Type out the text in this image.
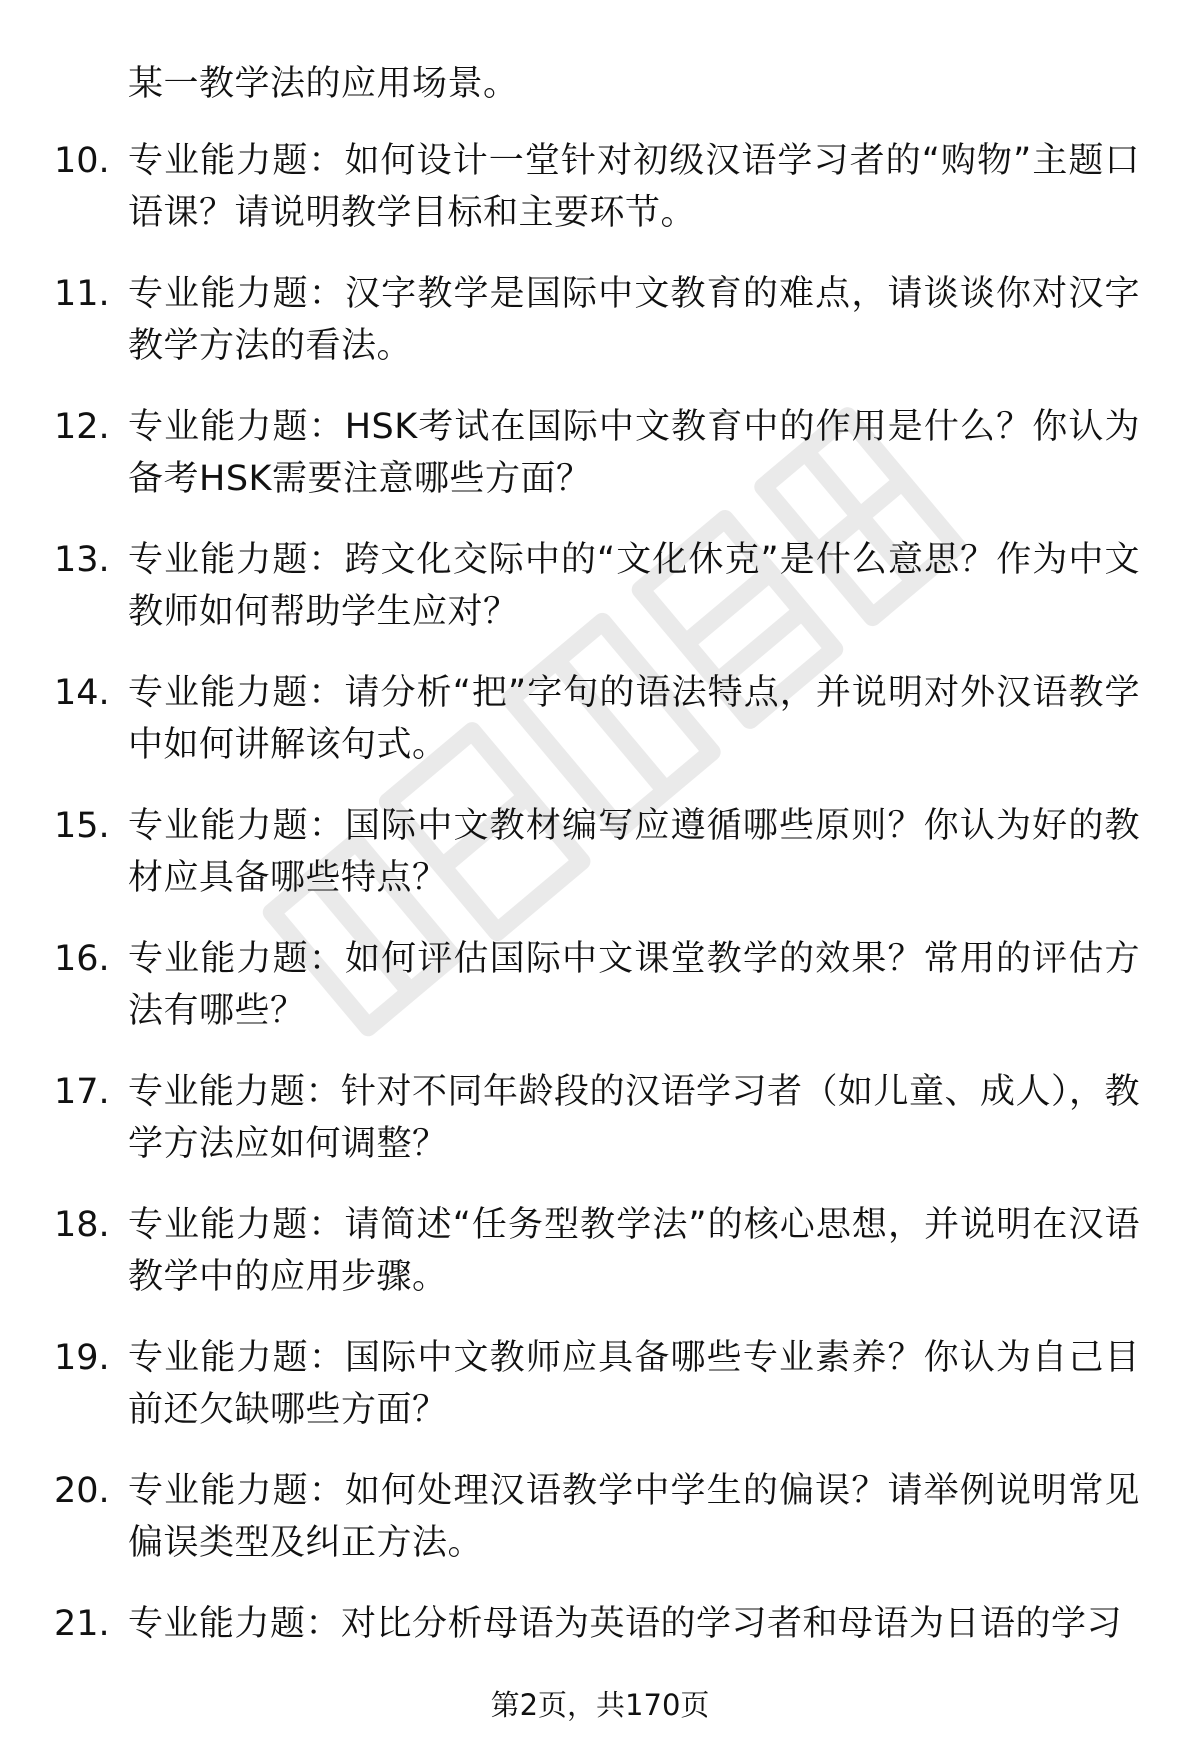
某一教学法的应用场景。
10. 专业能力题：如何设计一堂针对初级汉语学习者的“购物”主题口语课？请说明教学目标和主要环节。
11. 专业能力题：汉字教学是国际中文教育的难点，请谈谈你对汉字教学方法的看法。
12. 专业能力题：HSK考试在国际中文教育中的作用是什么？你认为备考HSK需要注意哪些方面？
13. 专业能力题：跨文化交际中的“文化休克”是什么意思？作为中文教师如何帮助学生应对？
14. 专业能力题：请分析“把”字句的语法特点，并说明对外汉语教学中如何讲解该句式。
15. 专业能力题：国际中文教材编写应遵循哪些原则？你认为好的教材应具备哪些特点？
16. 专业能力题：如何评估国际中文课堂教学的效果？常用的评估方法有哪些？
17. 专业能力题：针对不同年龄段的汉语学习者（如儿童、成人），教学方法应如何调整？
18. 专业能力题：请简述“任务型教学法”的核心思想，并说明在汉语教学中的应用步骤。
19. 专业能力题：国际中文教师应具备哪些专业素养？你认为自己目前还欠缺哪些方面？
20. 专业能力题：如何处理汉语教学中学生的偏误？请举例说明常见偏误类型及纠正方法。
21. 专业能力题：对比分析母语为英语的学习者和母语为日语的学习
第2页，共170页
